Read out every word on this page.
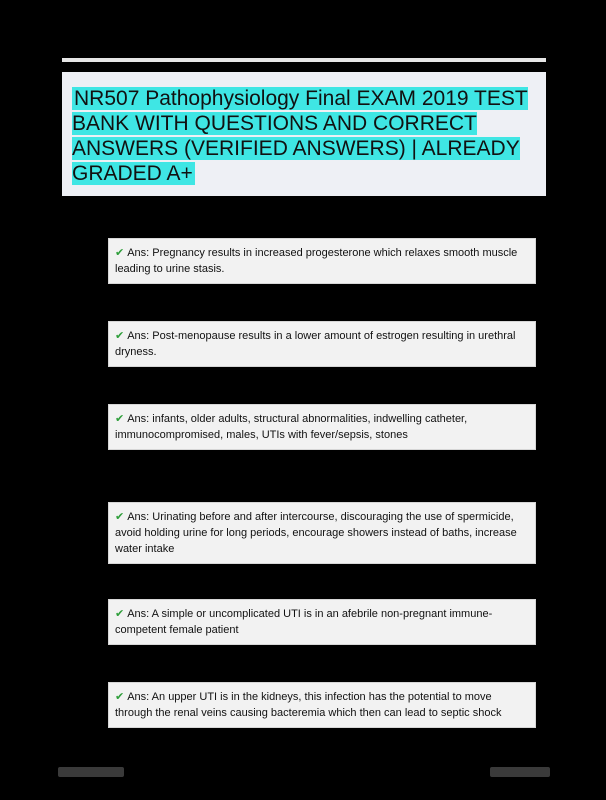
NR507 Pathophysiology Final EXAM 2019 TEST BANK WITH QUESTIONS AND CORRECT ANSWERS (VERIFIED ANSWERS) | ALREADY GRADED A+
✔ Ans: Pregnancy results in increased progesterone which relaxes smooth muscle leading to urine stasis.
✔ Ans: Post-menopause results in a lower amount of estrogen resulting in urethral dryness.
✔ Ans: infants, older adults, structural abnormalities, indwelling catheter, immunocompromised, males, UTIs with fever/sepsis, stones
✔ Ans: Urinating before and after intercourse, discouraging the use of spermicide, avoid holding urine for long periods, encourage showers instead of baths, increase water intake
✔ Ans: A simple or uncomplicated UTI is in an afebrile non-pregnant immune-competent female patient
✔ Ans: An upper UTI is in the kidneys, this infection has the potential to move through the renal veins causing bacteremia which then can lead to septic shock
